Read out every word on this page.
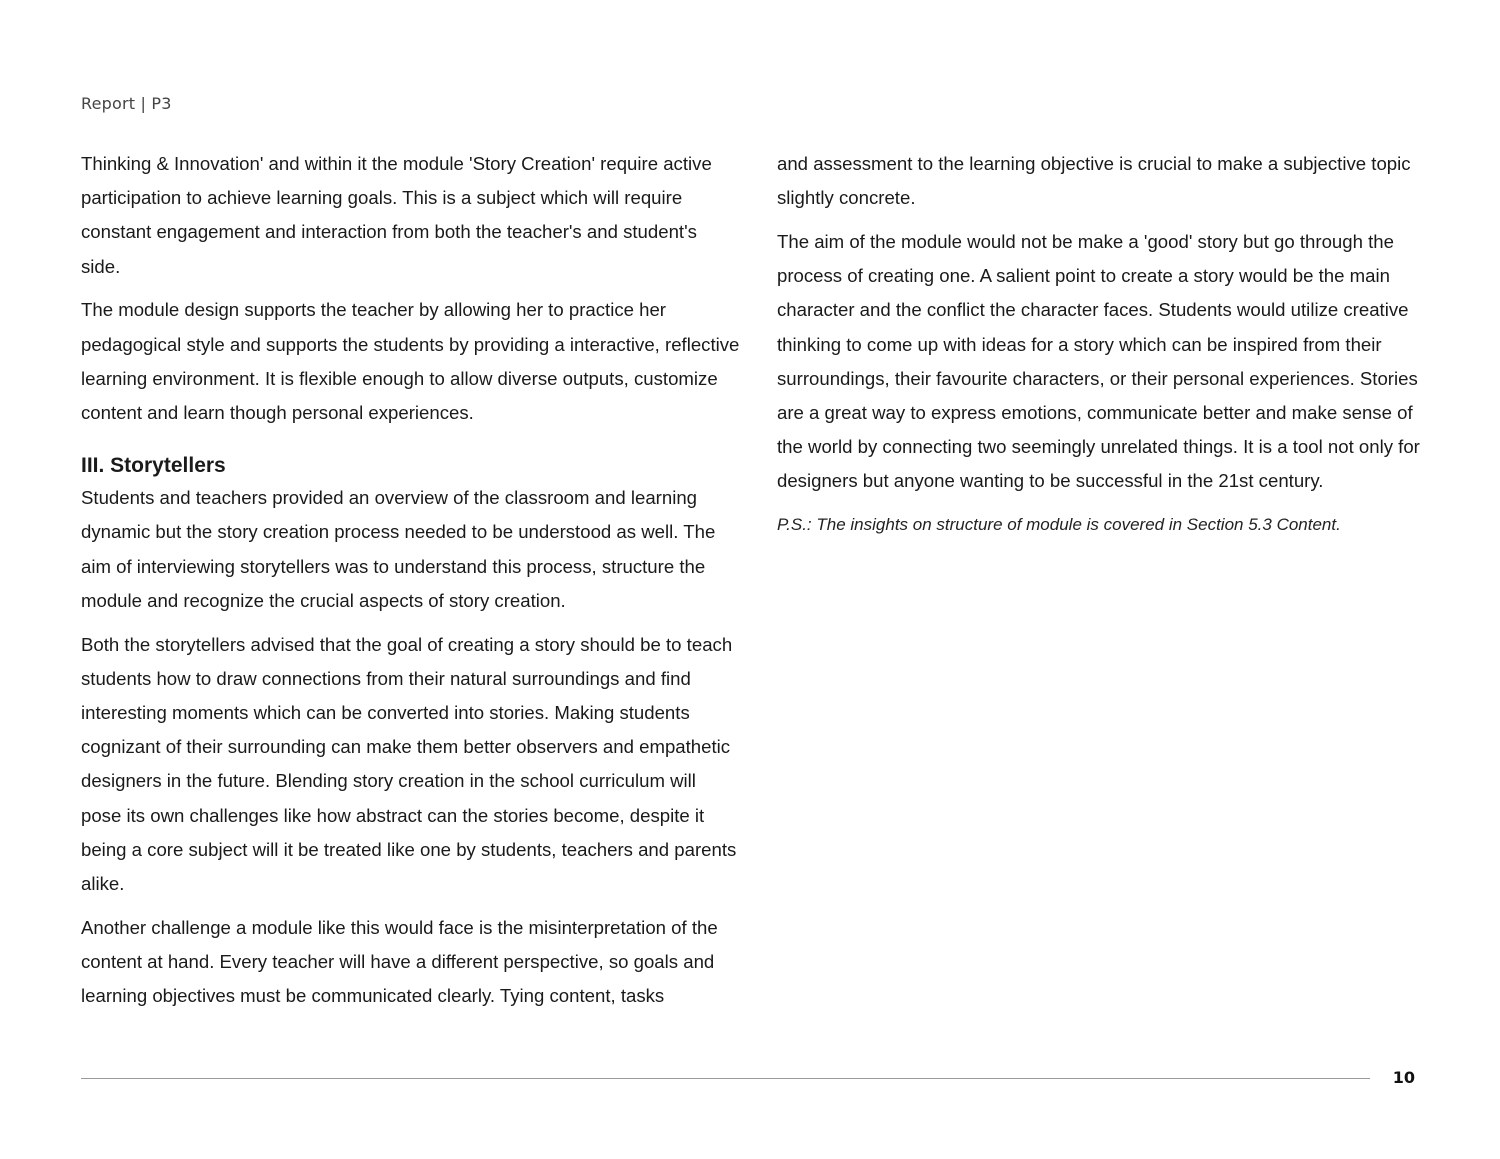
Report | P3

Thinking & Innovation' and within it the module 'Story Creation' require active participation to achieve learning goals. This is a subject which will require constant engagement and interaction from both the teacher's and student's side.

The module design supports the teacher by allowing her to practice her pedagogical style and supports the students by providing a interactive, reflective learning environment. It is flexible enough to allow diverse outputs, customize content and learn though personal experiences.

III. Storytellers

Students and teachers provided an overview of the classroom and learning dynamic but the story creation process needed to be understood as well. The aim of interviewing storytellers was to understand this process, structure the module and recognize the crucial aspects of story creation.

Both the storytellers advised that the goal of creating a story should be to teach students how to draw connections from their natural surroundings and find interesting moments which can be converted into stories. Making students cognizant of their surrounding can make them better observers and empathetic designers in the future. Blending story creation in the school curriculum will pose its own challenges like how abstract can the stories become, despite it being a core subject will it be treated like one by students, teachers and parents alike.

Another challenge a module like this would face is the misinterpretation of the content at hand. Every teacher will have a different perspective, so goals and learning objectives must be communicated clearly. Tying content, tasks

and assessment to the learning objective is crucial to make a subjective topic slightly concrete.

The aim of the module would not be make a 'good' story but go through the process of creating one. A salient point to create a story would be the main character and the conflict the character faces. Students would utilize creative thinking to come up with ideas for a story which can be inspired from their surroundings, their favourite characters, or their personal experiences. Stories are a great way to express emotions, communicate better and make sense of the world by connecting two seemingly unrelated things. It is a tool not only for designers but anyone wanting to be successful in the 21st century.

P.S.: The insights on structure of module is covered in Section 5.3 Content.

10
